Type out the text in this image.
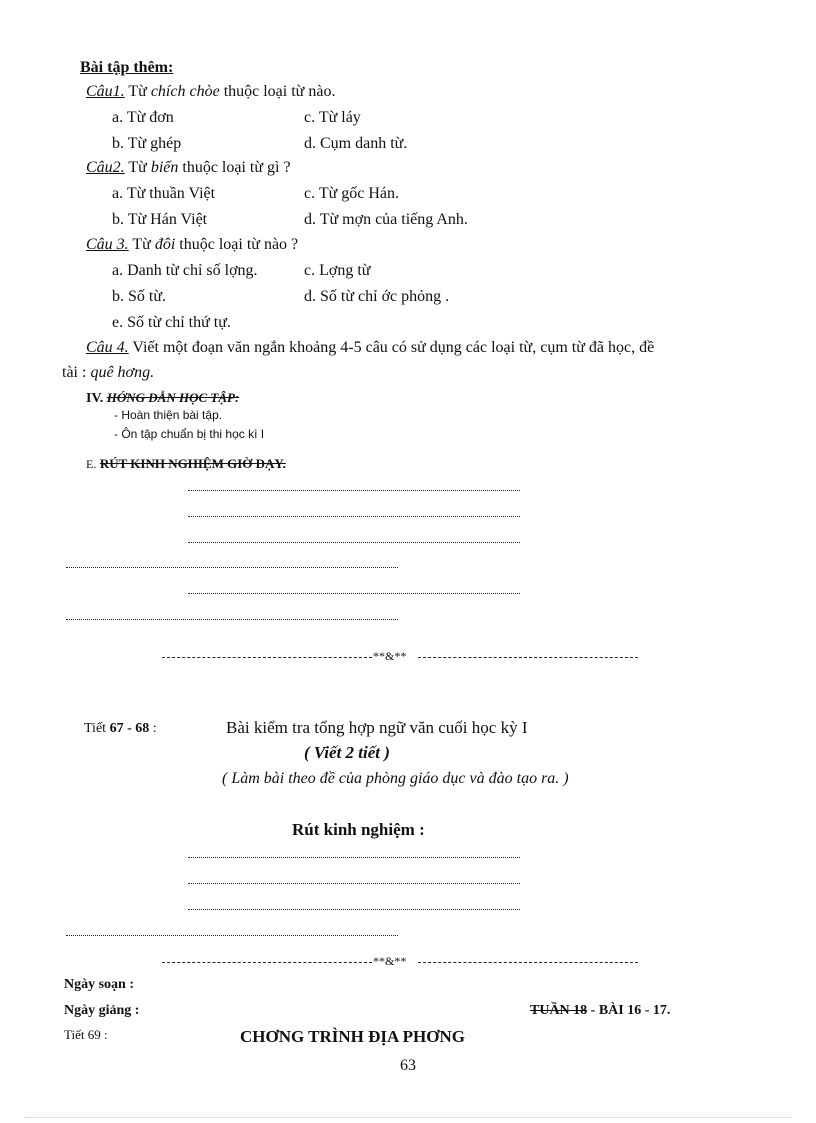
Bài tập thêm:
Câu1. Từ chích chòe thuộc loại từ nào.
a. Từ đơn	c. Từ láy
b. Từ ghép	d. Cụm danh từ.
Câu2. Từ biển thuộc loại từ gì ?
a. Từ thuần Việt	c. Từ gốc Hán.
b. Từ Hán Việt	d. Từ mợn của tiếng Anh.
Câu 3. Từ đôi thuộc loại từ nào ?
a. Danh từ chỉ số lợng.	c. Lợng từ
b. Số từ.	d. Số từ chỉ ớc phỏng .
e. Số từ chỉ thứ tự.
Câu 4. Viết một đoạn văn ngắn khoảng 4-5 câu có sử dụng các loại từ, cụm từ đã học, đề
tài : quê hơng.
IV. HỚNG DẪN HỌC TẬP:
- Hoàn thiện bài tập.
- Ôn tập chuẩn bị thi học kì I
E. RÚT KINH NGHIỆM GIỜ DẠY.
**&**
Tiết 67 - 68 :	Bài kiểm tra tổng hợp ngữ văn cuối học kỳ I
( Viết 2 tiết )
( Làm bài theo đề của phòng giáo dục và đào tạo ra. )
Rút kinh nghiệm :
**&**
Ngày soạn :
Ngày giảng :	TUẦN 18 - BÀI 16 - 17.
Tiết 69 :	CHƠNG TRÌNH ĐỊA PHƠNG
63
